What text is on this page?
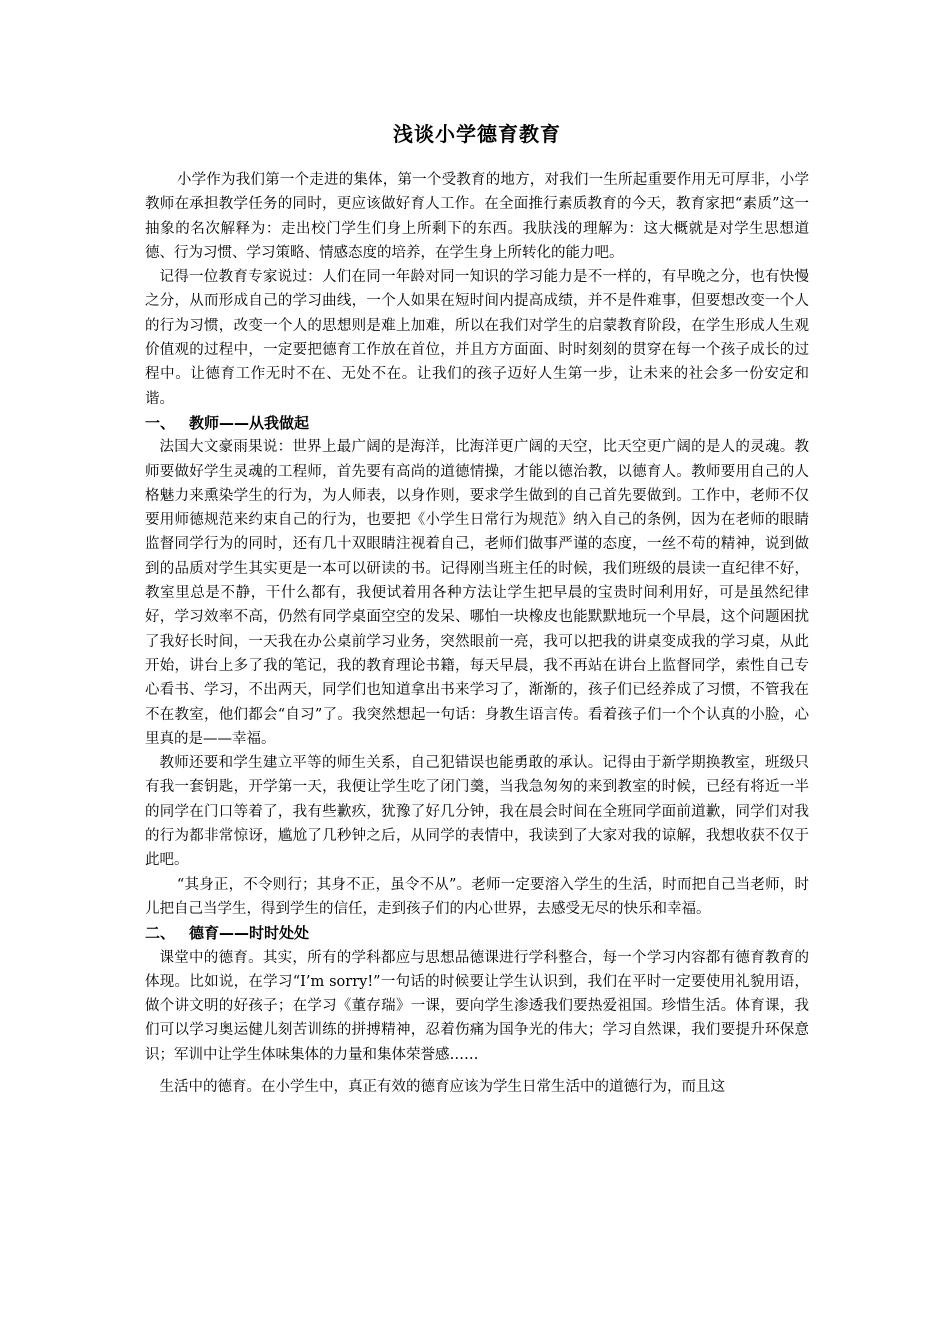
浅谈小学德育教育

小学作为我们第一个走进的集体，第一个受教育的地方，对我们一生所起重要作用无可厚非，小学教师在承担教学任务的同时，更应该做好育人工作。在全面推行素质教育的今天，教育家把“素质”这一抽象的名次解释为：走出校门学生们身上所剩下的东西。我肤浅的理解为：这大概就是对学生思想道德、行为习惯、学习策略、情感态度的培养，在学生身上所转化的能力吧。

记得一位教育专家说过：人们在同一年龄对同一知识的学习能力是不一样的，有早晚之分，也有快慢之分，从而形成自己的学习曲线，一个人如果在短时间内提高成绩，并不是件难事，但要想改变一个人的行为习惯，改变一个人的思想则是难上加难，所以在我们对学生的启蒙教育阶段，在学生形成人生观价值观的过程中，一定要把德育工作放在首位，并且方方面面、时时刻刻的贯穿在每一个孩子成长的过程中。让德育工作无时不在、无处不在。让我们的孩子迈好人生第一步，让未来的社会多一份安定和谐。

一、 教师——从我做起

法国大文豪雨果说：世界上最广阔的是海洋，比海洋更广阔的天空，比天空更广阔的是人的灵魂。教师要做好学生灵魂的工程师，首先要有高尚的道德情操，才能以德治教，以德育人。教师要用自己的人格魅力来熏染学生的行为，为人师表，以身作则，要求学生做到的自己首先要做到。工作中，老师不仅要用师德规范来约束自己的行为，也要把《小学生日常行为规范》纳入自己的条例，因为在老师的眼睛监督同学行为的同时，还有几十双眼睛注视着自己，老师们做事严谨的态度，一丝不苟的精神，说到做到的品质对学生其实更是一本可以研读的书。记得刚当班主任的时候，我们班级的晨读一直纪律不好，教室里总是不静，干什么都有，我便试着用各种方法让学生把早晨的宝贵时间利用好，可是虽然纪律好，学习效率不高，仍然有同学桌面空空的发呆、哪怕一块橡皮也能默默地玩一个早晨，这个问题困扰了我好长时间，一天我在办公桌前学习业务，突然眼前一亮，我可以把我的讲桌变成我的学习桌，从此开始，讲台上多了我的笔记，我的教育理论书籍，每天早晨，我不再站在讲台上监督同学，索性自己专心看书、学习，不出两天，同学们也知道拿出书来学习了，渐渐的，孩子们已经养成了习惯，不管我在不在教室，他们都会“自习”了。我突然想起一句话：身教生语言传。看着孩子们一个个认真的小脸，心里真的是——幸福。

教师还要和学生建立平等的师生关系，自己犯错误也能勇敢的承认。记得由于新学期换教室，班级只有我一套钥匙，开学第一天，我便让学生吃了闭门羹，当我急匆匆的来到教室的时候，已经有将近一半的同学在门口等着了，我有些歉疚，犹豫了好几分钟，我在晨会时间在全班同学面前道歉，同学们对我的行为都非常惊讶，尴尬了几秒钟之后，从同学的表情中，我读到了大家对我的谅解，我想收获不仅于此吧。

“其身正，不令则行；其身不正，虽令不从”。老师一定要溶入学生的生活，时而把自己当老师，时儿把自己当学生，得到学生的信任，走到孩子们的内心世界，去感受无尽的快乐和幸福。

二、 德育——时时处处

课堂中的德育。其实，所有的学科都应与思想品德课进行学科整合，每一个学习内容都有德育教育的体现。比如说，在学习“I’m sorry!”一句话的时候要让学生认识到，我们在平时一定要使用礼貌用语，做个讲文明的好孩子；在学习《董存瑞》一课，要向学生渗透我们要热爱祖国。珍惜生活。体育课，我们可以学习奥运健儿刻苦训练的拼搏精神，忍着伤痛为国争光的伟大；学习自然课，我们要提升环保意识；军训中让学生体味集体的力量和集体荣誉感……

生活中的德育。在小学生中，真正有效的德育应该为学生日常生活中的道德行为，而且这
